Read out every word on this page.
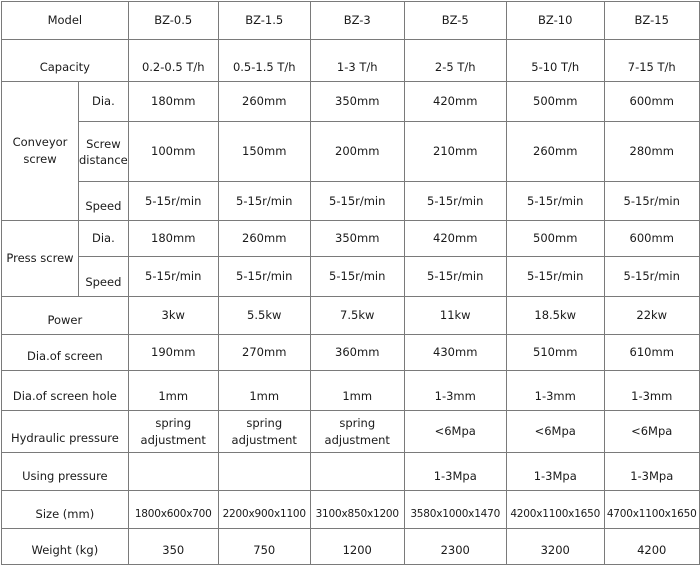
Model		BZ-0.5	BZ-1.5	BZ-3	BZ-5	BZ-10	BZ-15
Capacity		0.2-0.5 T/h	0.5-1.5 T/h	1-3 T/h	2-5 T/h	5-10 T/h	7-15 T/h
Conveyor screw	Dia.	180mm	260mm	350mm	420mm	500mm	600mm
	Screw distance	100mm	150mm	200mm	210mm	260mm	280mm
	Speed	5-15r/min	5-15r/min	5-15r/min	5-15r/min	5-15r/min	5-15r/min
Press screw	Dia.	180mm	260mm	350mm	420mm	500mm	600mm
	Speed	5-15r/min	5-15r/min	5-15r/min	5-15r/min	5-15r/min	5-15r/min
Power		3kw	5.5kw	7.5kw	11kw	18.5kw	22kw
Dia.of screen		190mm	270mm	360mm	430mm	510mm	610mm
Dia.of screen hole		1mm	1mm	1mm	1-3mm	1-3mm	1-3mm
Hydraulic pressure		spring adjustment	spring adjustment	spring adjustment	<6Mpa	<6Mpa	<6Mpa
Using pressure					1-3Mpa	1-3Mpa	1-3Mpa
Size (mm)		1800x600x700	2200x900x1100	3100x850x1200	3580x1000x1470	4200x1100x1650	4700x1100x1650
Weight (kg)		350	750	1200	2300	3200	4200
